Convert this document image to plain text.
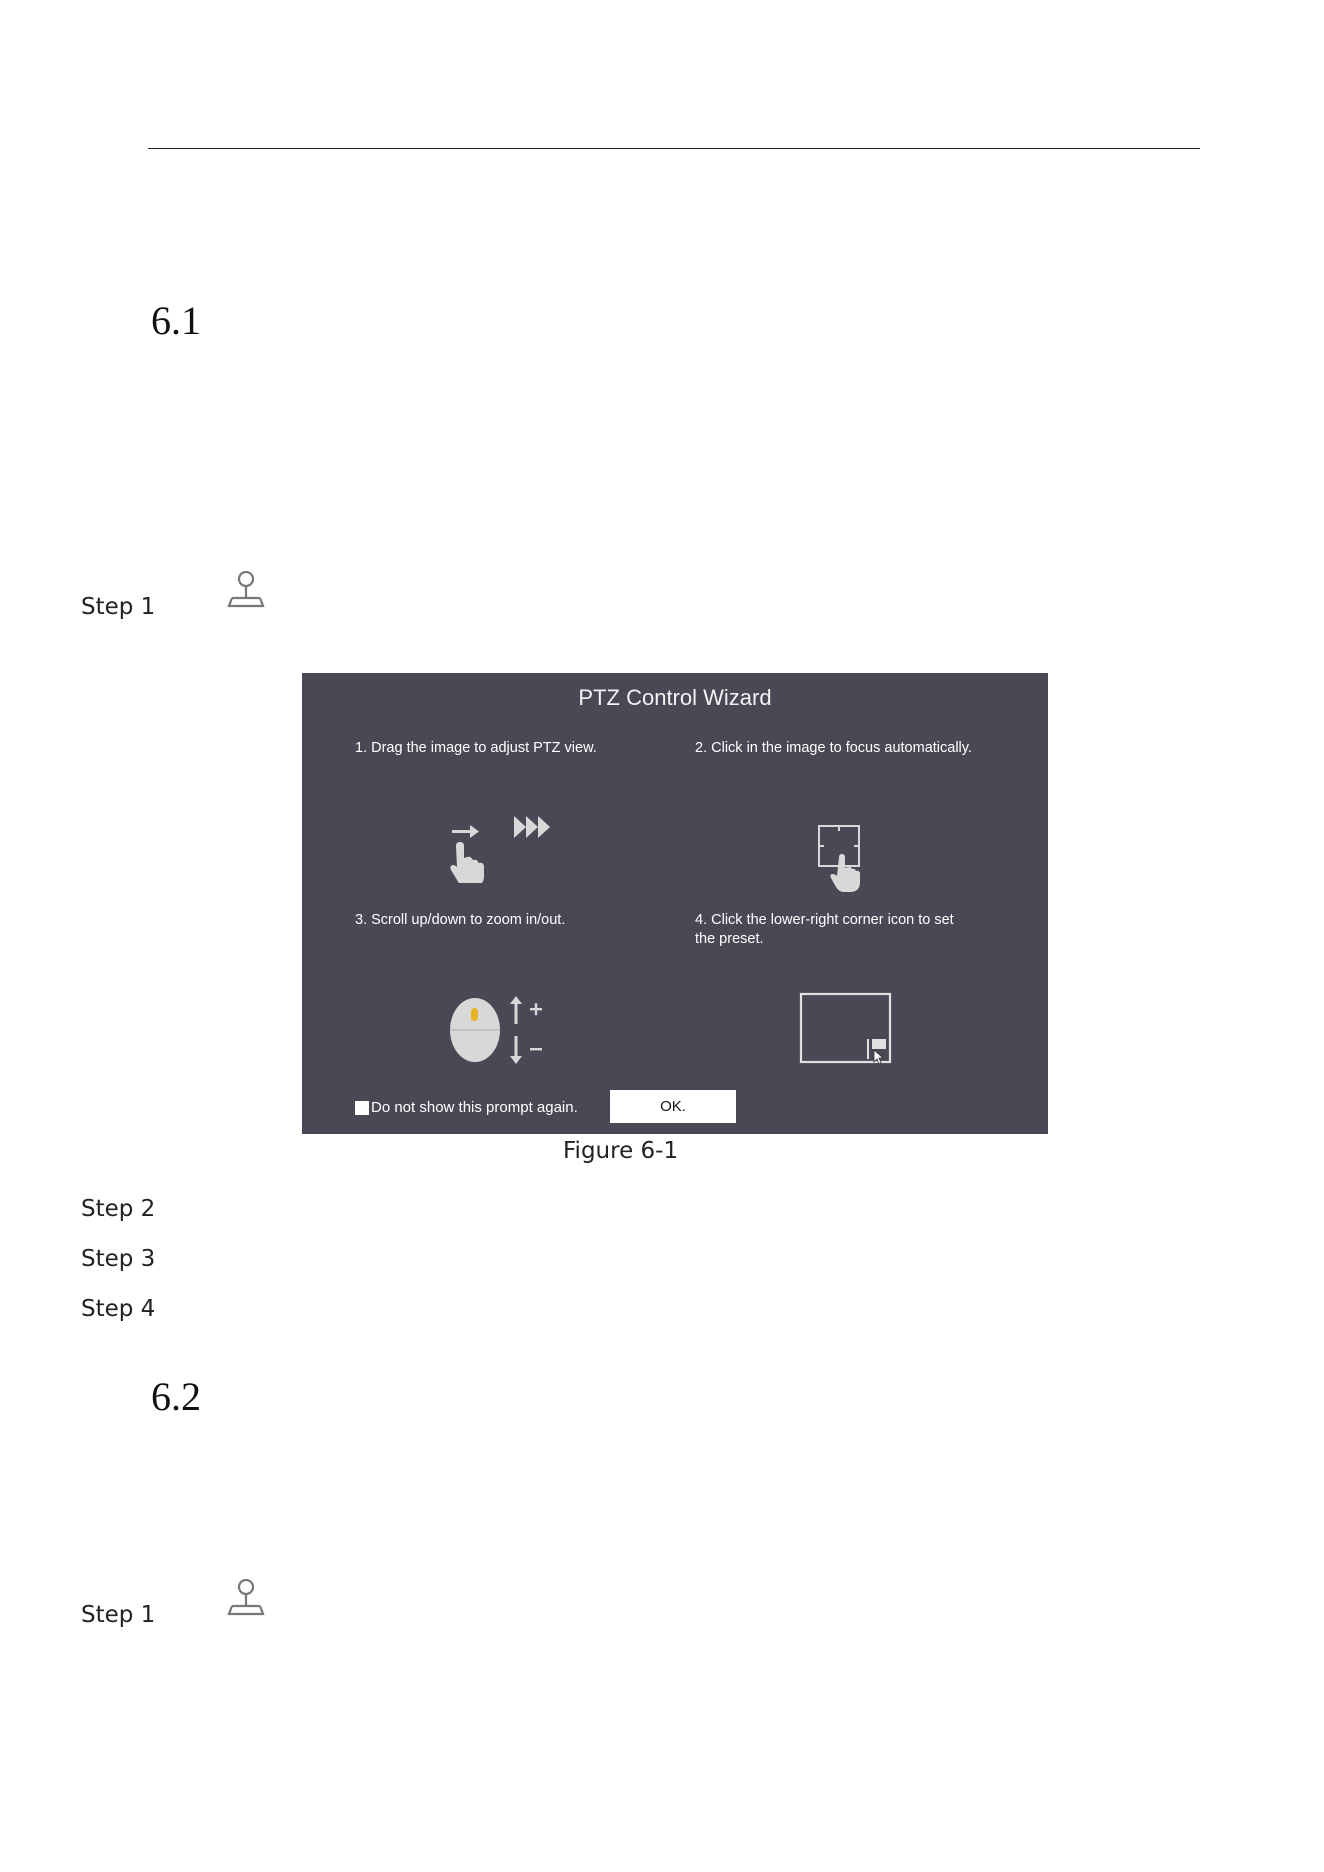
6.1
Step 1
PTZ Control Wizard
1. Drag the image to adjust PTZ view.	2. Click in the image to focus automatically.
3. Scroll up/down to zoom in/out.	4. Click the lower-right corner icon to set
the preset.
Do not show this prompt again.	OK.
Figure 6-1
Step 2
Step 3
Step 4
6.2
Step 1
